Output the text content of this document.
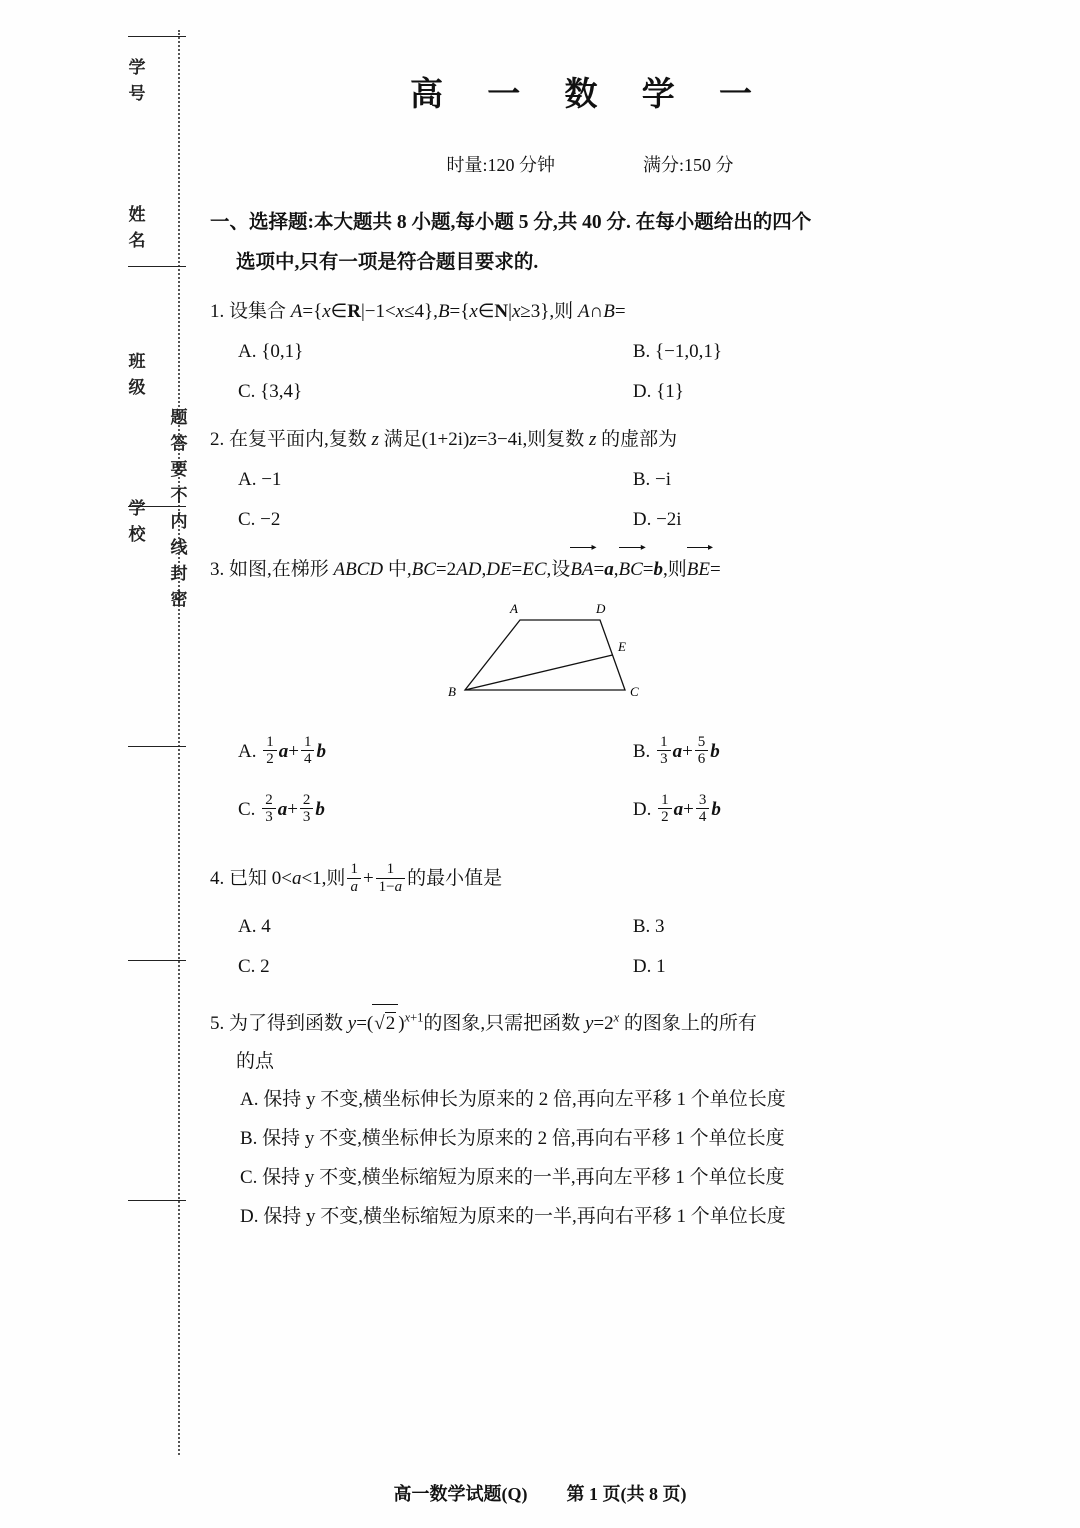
学
号
姓
名
班
级
学
校
题
答
要
不
内
线
封
密
高 一 数 学 一
时量:120 分钟	满分:150 分
一、选择题:本大题共 8 小题,每小题 5 分,共 40 分. 在每小题给出的四个
选项中,只有一项是符合题目要求的.
1. 设集合 A={x∈R|−1<x≤4},B={x∈N|x≥3},则 A∩B=
A. {0,1}	B. {−1,0,1}
C. {3,4}	D. {1}
2. 在复平面内,复数 z 满足(1+2i)z=3−4i,则复数 z 的虚部为
A. −1	B. −i
C. −2	D. −2i
3. 如图,在梯形 ABCD 中,BC=2AD,DE=EC,设BA
▸
=a,BC
▸
=b,则BE
▸
=
A	D
E
B	C
A. $\frac{1}{2}$ $a + \frac{1}{4}$ b	B. $\frac{1}{3}$ $a + \frac{5}{6}$ b
C. $\frac{2}{3}$ $a + \frac{2}{3}$ b	D. $\frac{1}{2}$ $a + \frac{3}{4}$ b
4. 已知 0<a<1,则 $\frac{1}{a} + \frac{1}{1-a}$ 的最小值是
A. 4	B. 3
C. 2	D. 1
5. 为了得到函数 y=(√2 )$^{x+1}$的图象,只需把函数 $y=2^x$ 的图象上的所有
的点
A. 保持 y 不变,横坐标伸长为原来的 2 倍,再向左平移 1 个单位长度
B. 保持 y 不变,横坐标伸长为原来的 2 倍,再向右平移 1 个单位长度
C. 保持 y 不变,横坐标缩短为原来的一半,再向左平移 1 个单位长度
D. 保持 y 不变,横坐标缩短为原来的一半,再向右平移 1 个单位长度
高一数学试题(Q) 第 1 页(共 8 页)
